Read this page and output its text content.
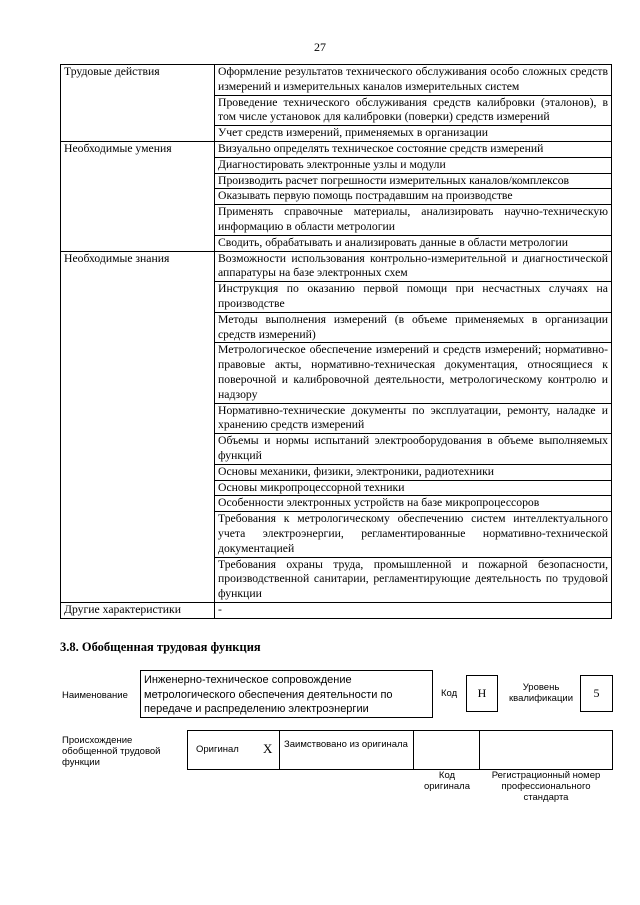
27
Трудовые действия	Оформление результатов технического обслуживания особо сложных средств измерений и измерительных каналов измерительных систем
	Проведение технического обслуживания средств калибровки (эталонов), в том числе установок для калибровки (поверки) средств измерений
	Учет средств измерений, применяемых в организации
Необходимые умения	Визуально определять техническое состояние средств измерений
	Диагностировать электронные узлы и модули
	Производить расчет погрешности измерительных каналов/комплексов
	Оказывать первую помощь пострадавшим на производстве
	Применять справочные материалы, анализировать научно-техническую информацию в области метрологии
	Сводить, обрабатывать и анализировать данные в области метрологии
Необходимые знания	Возможности использования контрольно-измерительной и диагностической аппаратуры на базе электронных схем
	Инструкция по оказанию первой помощи при несчастных случаях на производстве
	Методы выполнения измерений (в объеме применяемых в организации средств измерений)
	Метрологическое обеспечение измерений и средств измерений; нормативно-правовые акты, нормативно-техническая документация, относящиеся к поверочной и калибровочной деятельности, метрологическому контролю и надзору
	Нормативно-технические документы по эксплуатации, ремонту, наладке и хранению средств измерений
	Объемы и нормы испытаний электрооборудования в объеме выполняемых функций
	Основы механики, физики, электроники, радиотехники
	Основы микропроцессорной техники
	Особенности электронных устройств на базе микропроцессоров
	Требования к метрологическому обеспечению систем интеллектуального учета электроэнергии, регламентированные нормативно-технической документацией
	Требования охраны труда, промышленной и пожарной безопасности, производственной санитарии, регламентирующие деятельность по трудовой функции
Другие характеристики	-
3.8. Обобщенная трудовая функция
Наименование
Инженерно-техническое сопровождение метрологического обеспечения деятельности по передаче и распределению электроэнергии
Код H	Уровень квалификации	5
Происхождение обобщенной трудовой функции
Оригинал X Заимствовано из оригинала
Код оригинала
Регистрационный номер профессионального стандарта
